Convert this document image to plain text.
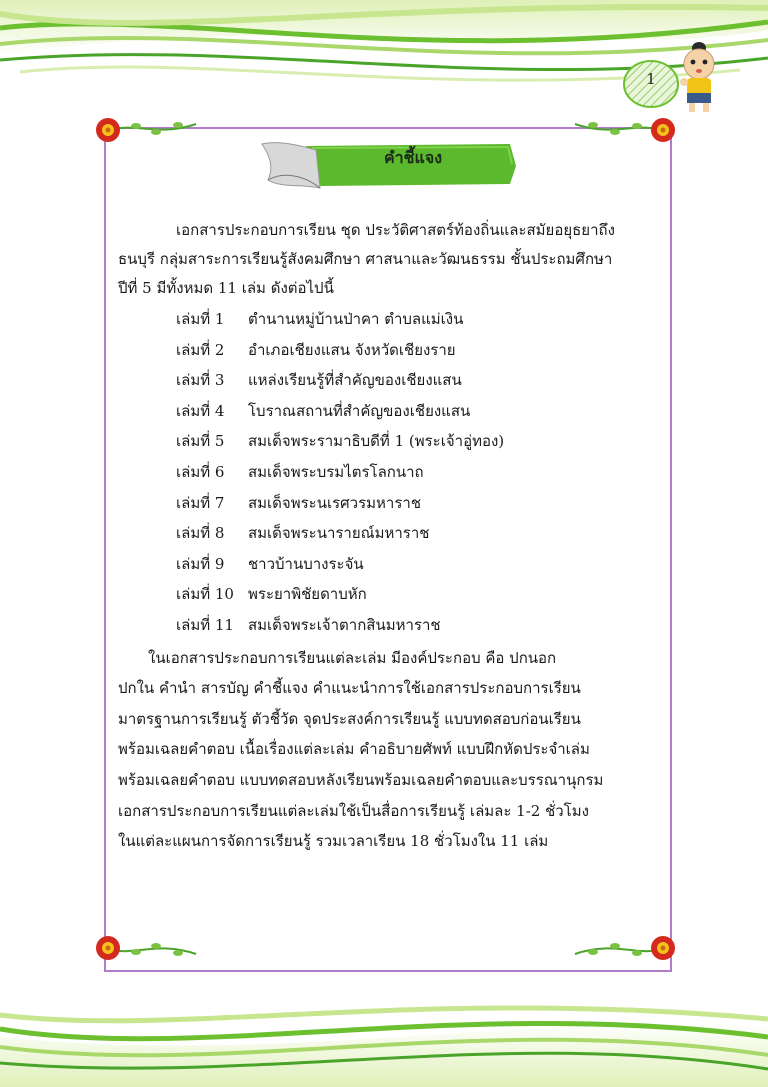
1
คำชี้แจง

เอกสารประกอบการเรียน ชุด ประวัติศาสตร์ท้องถิ่นและสมัยอยุธยาถึง
ธนบุรี กลุ่มสาระการเรียนรู้สังคมศึกษา ศาสนาและวัฒนธรรม ชั้นประถมศึกษา
ปีที่ 5 มีทั้งหมด 11 เล่ม ดังต่อไปนี้

เล่มที่ 1 ตำนานหมู่บ้านป่าคา ตำบลแม่เงิน
เล่มที่ 2 อำเภอเชียงแสน จังหวัดเชียงราย
เล่มที่ 3 แหล่งเรียนรู้ที่สำคัญของเชียงแสน
เล่มที่ 4 โบราณสถานที่สำคัญของเชียงแสน
เล่มที่ 5 สมเด็จพระรามาธิบดีที่ 1 (พระเจ้าอู่ทอง)
เล่มที่ 6 สมเด็จพระบรมไตรโลกนาถ
เล่มที่ 7 สมเด็จพระนเรศวรมหาราช
เล่มที่ 8 สมเด็จพระนารายณ์มหาราช
เล่มที่ 9 ชาวบ้านบางระจัน
เล่มที่ 10 พระยาพิชัยดาบหัก
เล่มที่ 11 สมเด็จพระเจ้าตากสินมหาราช

ในเอกสารประกอบการเรียนแต่ละเล่ม มีองค์ประกอบ คือ ปกนอก
ปกใน คำนำ สารบัญ คำชี้แจง คำแนะนำการใช้เอกสารประกอบการเรียน
มาตรฐานการเรียนรู้ ตัวชี้วัด จุดประสงค์การเรียนรู้ แบบทดสอบก่อนเรียน
พร้อมเฉลยคำตอบ เนื้อเรื่องแต่ละเล่ม คำอธิบายศัพท์ แบบฝึกหัดประจำเล่ม
พร้อมเฉลยคำตอบ แบบทดสอบหลังเรียนพร้อมเฉลยคำตอบและบรรณานุกรม
เอกสารประกอบการเรียนแต่ละเล่มใช้เป็นสื่อการเรียนรู้ เล่มละ 1-2 ชั่วโมง
ในแต่ละแผนการจัดการเรียนรู้ รวมเวลาเรียน 18 ชั่วโมงใน 11 เล่ม
